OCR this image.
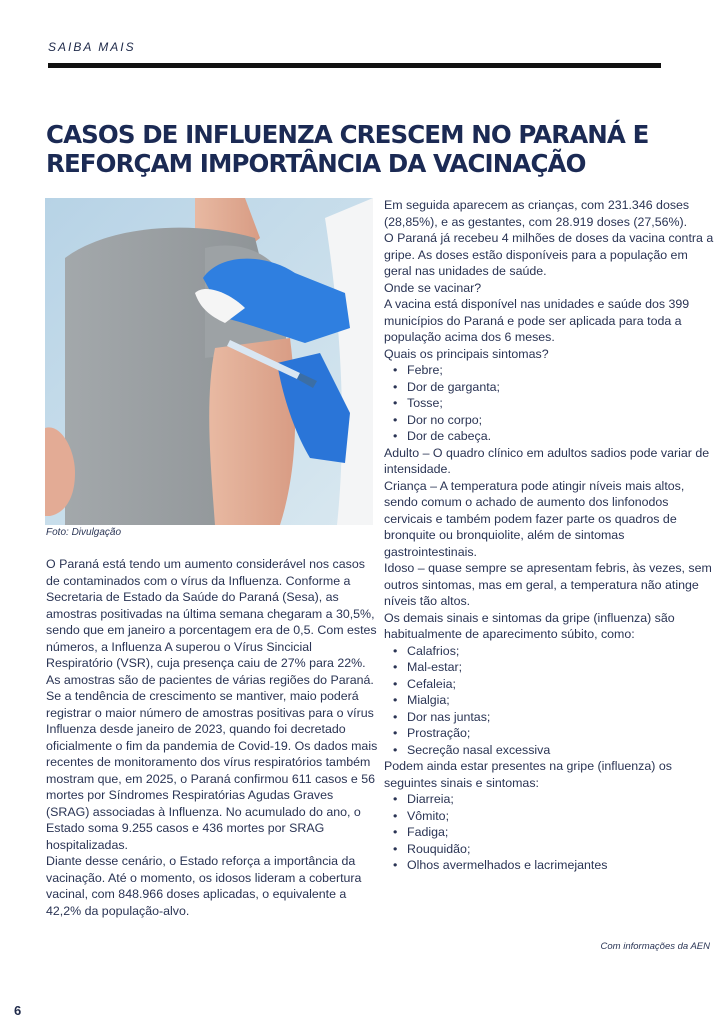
SAIBA MAIS
CASOS DE INFLUENZA CRESCEM NO PARANÁ E REFORÇAM IMPORTÂNCIA DA VACINAÇÃO
Foto: Divulgação

O Paraná está tendo um aumento considerável nos casos de contaminados com o vírus da Influenza. Conforme a Secretaria de Estado da Saúde do Paraná (Sesa), as amostras positivadas na última semana chegaram a 30,5%, sendo que em janeiro a porcentagem era de 0,5. Com estes números, a Influenza A superou o Vírus Sincicial Respiratório (VSR), cuja presença caiu de 27% para 22%. As amostras são de pacientes de várias regiões do Paraná.

Se a tendência de crescimento se mantiver, maio poderá registrar o maior número de amostras positivas para o vírus Influenza desde janeiro de 2023, quando foi decretado oficialmente o fim da pandemia de Covid-19. Os dados mais recentes de monitoramento dos vírus respiratórios também mostram que, em 2025, o Paraná confirmou 611 casos e 56 mortes por Síndromes Respiratórias Agudas Graves (SRAG) associadas à Influenza. No acumulado do ano, o Estado soma 9.255 casos e 436 mortes por SRAG hospitalizadas.

Diante desse cenário, o Estado reforça a importância da vacinação. Até o momento, os idosos lideram a cobertura vacinal, com 848.966 doses aplicadas, o equivalente a 42,2% da população-alvo.

Em seguida aparecem as crianças, com 231.346 doses (28,85%), e as gestantes, com 28.919 doses (27,56%).

O Paraná já recebeu 4 milhões de doses da vacina contra a gripe. As doses estão disponíveis para a população em geral nas unidades de saúde.

Onde se vacinar?

A vacina está disponível nas unidades e saúde dos 399 municípios do Paraná e pode ser aplicada para toda a população acima dos 6 meses.

Quais os principais sintomas?

• Febre;
• Dor de garganta;
• Tosse;
• Dor no corpo;
• Dor de cabeça.

Adulto – O quadro clínico em adultos sadios pode variar de intensidade.

Criança – A temperatura pode atingir níveis mais altos, sendo comum o achado de aumento dos linfonodos cervicais e também podem fazer parte os quadros de bronquite ou bronquiolite, além de sintomas gastrointestinais.

Idoso – quase sempre se apresentam febris, às vezes, sem outros sintomas, mas em geral, a temperatura não atinge níveis tão altos.

Os demais sinais e sintomas da gripe (influenza) são habitualmente de aparecimento súbito, como:

• Calafrios;
• Mal-estar;
• Cefaleia;
• Mialgia;
• Dor nas juntas;
• Prostração;
• Secreção nasal excessiva

Podem ainda estar presentes na gripe (influenza) os seguintes sinais e sintomas:

• Diarreia;
• Vômito;
• Fadiga;
• Rouquidão;
• Olhos avermelhados e lacrimejantes
Com informações da AEN
6
